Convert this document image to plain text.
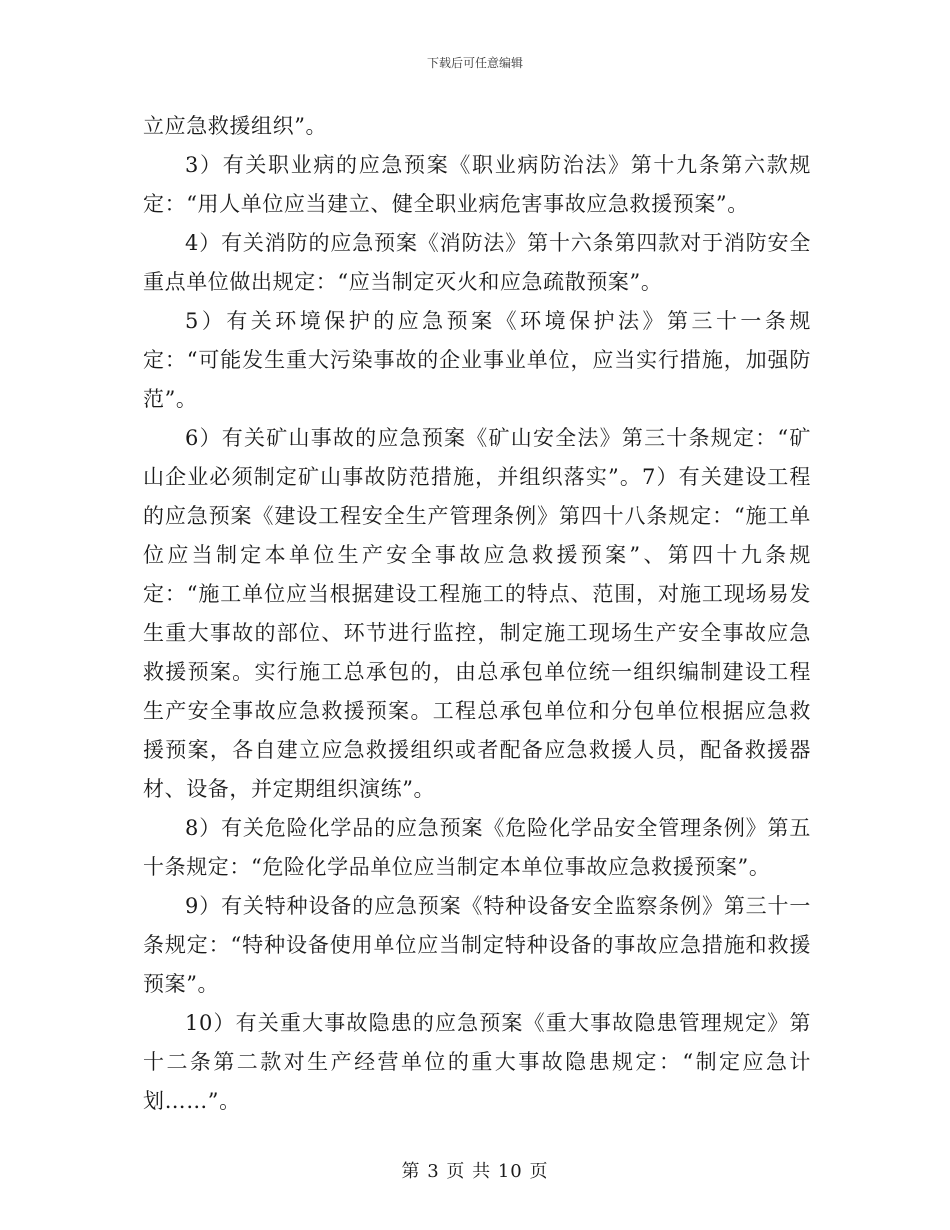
下载后可任意编辑

立应急救援组织”。

3）有关职业病的应急预案《职业病防治法》第十九条第六款规定：“用人单位应当建立、健全职业病危害事故应急救援预案”。

4）有关消防的应急预案《消防法》第十六条第四款对于消防安全重点单位做出规定：“应当制定灭火和应急疏散预案”。

5）有关环境保护的应急预案《环境保护法》第三十一条规定：“可能发生重大污染事故的企业事业单位，应当实行措施，加强防范”。

6）有关矿山事故的应急预案《矿山安全法》第三十条规定：“矿山企业必须制定矿山事故防范措施，并组织落实”。7）有关建设工程的应急预案《建设工程安全生产管理条例》第四十八条规定：“施工单位应当制定本单位生产安全事故应急救援预案”、第四十九条规定：“施工单位应当根据建设工程施工的特点、范围，对施工现场易发生重大事故的部位、环节进行监控，制定施工现场生产安全事故应急救援预案。实行施工总承包的，由总承包单位统一组织编制建设工程生产安全事故应急救援预案。工程总承包单位和分包单位根据应急救援预案，各自建立应急救援组织或者配备应急救援人员，配备救援器材、设备，并定期组织演练”。

8）有关危险化学品的应急预案《危险化学品安全管理条例》第五十条规定：“危险化学品单位应当制定本单位事故应急救援预案”。

9）有关特种设备的应急预案《特种设备安全监察条例》第三十一条规定：“特种设备使用单位应当制定特种设备的事故应急措施和救援预案”。

10）有关重大事故隐患的应急预案《重大事故隐患管理规定》第十二条第二款对生产经营单位的重大事故隐患规定：“制定应急计划……”。

第 3 页 共 10 页
